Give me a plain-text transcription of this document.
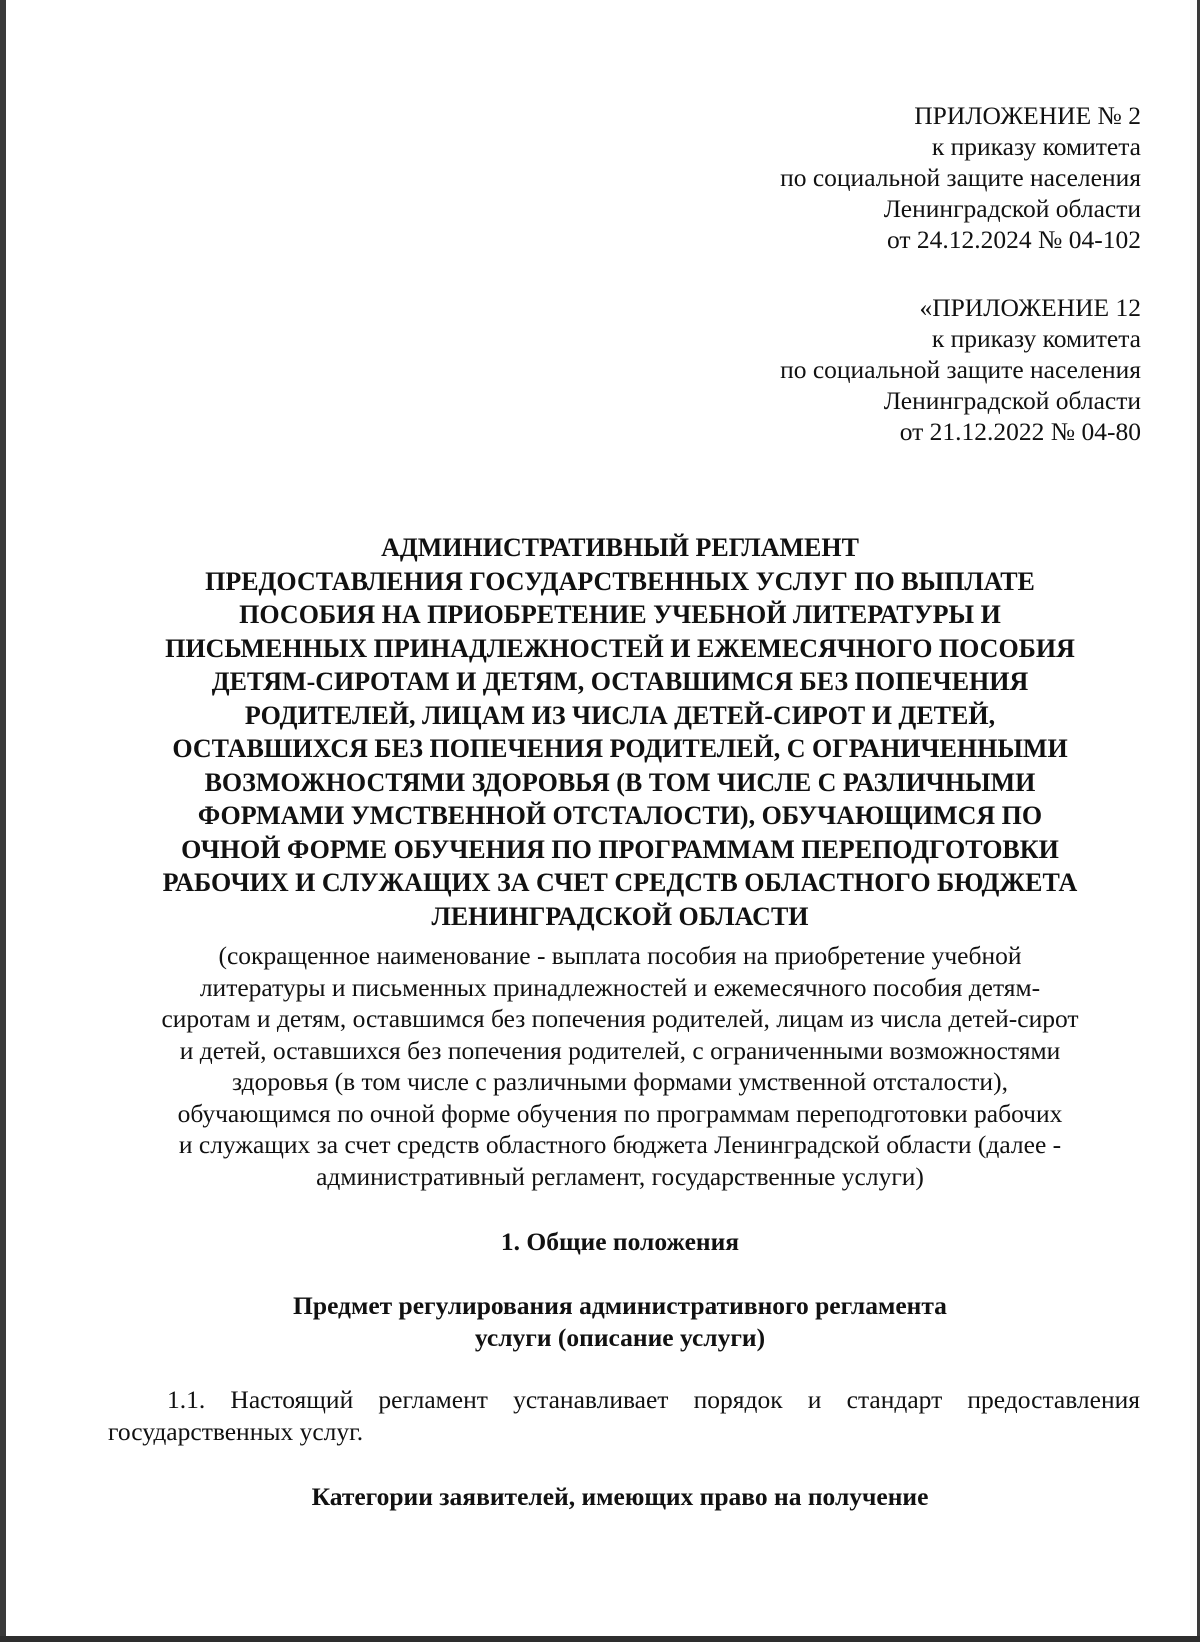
ПРИЛОЖЕНИЕ № 2
к приказу комитета
по социальной защите населения
Ленинградской области
от 24.12.2024 № 04-102
«ПРИЛОЖЕНИЕ 12
к приказу комитета
по социальной защите населения
Ленинградской области
от 21.12.2022 № 04-80
АДМИНИСТРАТИВНЫЙ РЕГЛАМЕНТ
ПРЕДОСТАВЛЕНИЯ ГОСУДАРСТВЕННЫХ УСЛУГ ПО ВЫПЛАТЕ
ПОСОБИЯ НА ПРИОБРЕТЕНИЕ УЧЕБНОЙ ЛИТЕРАТУРЫ И
ПИСЬМЕННЫХ ПРИНАДЛЕЖНОСТЕЙ И ЕЖЕМЕСЯЧНОГО ПОСОБИЯ
ДЕТЯМ-СИРОТАМ И ДЕТЯМ, ОСТАВШИМСЯ БЕЗ ПОПЕЧЕНИЯ
РОДИТЕЛЕЙ, ЛИЦАМ ИЗ ЧИСЛА ДЕТЕЙ-СИРОТ И ДЕТЕЙ,
ОСТАВШИХСЯ БЕЗ ПОПЕЧЕНИЯ РОДИТЕЛЕЙ, С ОГРАНИЧЕННЫМИ
ВОЗМОЖНОСТЯМИ ЗДОРОВЬЯ (В ТОМ ЧИСЛЕ С РАЗЛИЧНЫМИ
ФОРМАМИ УМСТВЕННОЙ ОТСТАЛОСТИ), ОБУЧАЮЩИМСЯ ПО
ОЧНОЙ ФОРМЕ ОБУЧЕНИЯ ПО ПРОГРАММАМ ПЕРЕПОДГОТОВКИ
РАБОЧИХ И СЛУЖАЩИХ ЗА СЧЕТ СРЕДСТВ ОБЛАСТНОГО БЮДЖЕТА
ЛЕНИНГРАДСКОЙ ОБЛАСТИ
(сокращенное наименование - выплата пособия на приобретение учебной
литературы и письменных принадлежностей и ежемесячного пособия детям-
сиротам и детям, оставшимся без попечения родителей, лицам из числа детей-сирот
и детей, оставшихся без попечения родителей, с ограниченными возможностями
здоровья (в том числе с различными формами умственной отсталости),
обучающимся по очной форме обучения по программам переподготовки рабочих
и служащих за счет средств областного бюджета Ленинградской области (далее -
административный регламент, государственные услуги)
1. Общие положения
Предмет регулирования административного регламента
услуги (описание услуги)
1.1. Настоящий регламент устанавливает порядок и стандарт предоставления
государственных услуг.
Категории заявителей, имеющих право на получение
